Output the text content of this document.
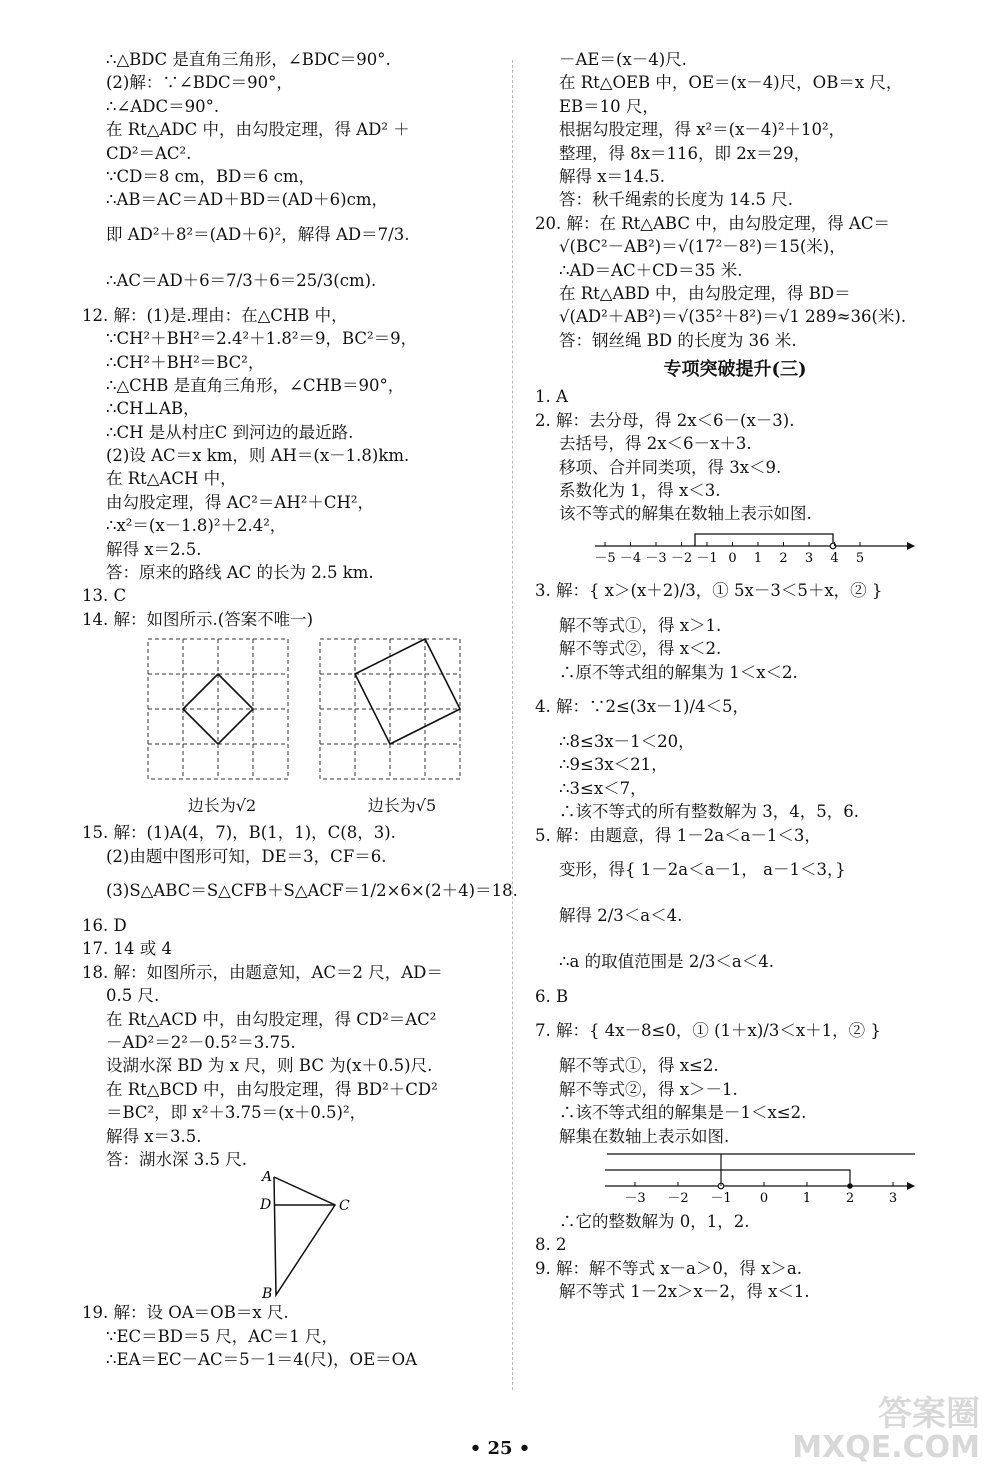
∴△BDC 是直角三角形，∠BDC＝90°.
(2)解：∵∠BDC＝90°，
∴∠ADC＝90°.
在 Rt△ADC 中，由勾股定理，得 AD² ＋
CD²＝AC².
∵CD＝8 cm，BD＝6 cm，
∴AB＝AC＝AD＋BD＝(AD＋6)cm，
即 AD²＋8²＝(AD＋6)²，解得 AD＝7/3.
∴AC＝AD＋6＝7/3＋6＝25/3(cm).
12. 解：(1)是.理由：在△CHB 中，
∵CH²＋BH²＝2.4²＋1.8²＝9，BC²＝9，
∴CH²＋BH²＝BC²，
∴△CHB 是直角三角形，∠CHB＝90°，
∴CH⊥AB，
∴CH 是从村庄C 到河边的最近路.
(2)设 AC＝x km，则 AH＝(x－1.8)km.
在 Rt△ACH 中，
由勾股定理，得 AC²＝AH²＋CH²，
∴x²＝(x－1.8)²＋2.4²，
解得 x＝2.5.
答：原来的路线 AC 的长为 2.5 km.
13. C
14. 解：如图所示.(答案不唯一)
边长为√2	边长为√5
15. 解：(1)A(4，7)，B(1，1)，C(8，3).
(2)由题中图形可知，DE＝3，CF＝6.
(3)S△ABC＝S△CFB＋S△ACF＝1/2×6×(2＋4)＝18.
16. D
17. 14 或 4
18. 解：如图所示，由题意知，AC＝2 尺，AD＝
0.5 尺.
在 Rt△ACD 中，由勾股定理，得 CD²＝AC²
－AD²＝2²－0.5²＝3.75.
设湖水深 BD 为 x 尺，则 BC 为(x＋0.5)尺.
在 Rt△BCD 中，由勾股定理，得 BD²＋CD²
＝BC²，即 x²＋3.75＝(x＋0.5)²，
解得 x＝3.5.
答：湖水深 3.5 尺.
A
D	C
B
19. 解：设 OA＝OB＝x 尺.
∵EC＝BD＝5 尺，AC＝1 尺，
∴EA＝EC－AC＝5－1＝4(尺)，OE＝OA
－AE＝(x－4)尺.
在 Rt△OEB 中，OE＝(x－4)尺，OB＝x 尺，
EB＝10 尺，
根据勾股定理，得 x²＝(x－4)²＋10²，
整理，得 8x＝116，即 2x＝29，
解得 x＝14.5.
答：秋千绳索的长度为 14.5 尺.
20. 解：在 Rt△ABC 中，由勾股定理，得 AC＝
√(BC²－AB²)＝√(17²－8²)＝15(米)，
∴AD＝AC＋CD＝35 米.
在 Rt△ABD 中，由勾股定理，得 BD＝
√(AD²＋AB²)＝√(35²＋8²)＝√1 289≈36(米).
答：钢丝绳 BD 的长度为 36 米.
专项突破提升(三)
1. A
2. 解：去分母，得 2x＜6－(x－3).
去括号，得 2x＜6－x＋3.
移项、合并同类项，得 3x＜9.
系数化为 1，得 x＜3.
该不等式的解集在数轴上表示如图.
－5 －4 －3 －2 －1 0 1 2 3 4 5
3. 解：{ x＞(x＋2)/3，① 5x－3＜5＋x，② }
解不等式①，得 x＞1.
解不等式②，得 x＜2.
∴原不等式组的解集为 1＜x＜2.
4. 解：∵2≤(3x－1)/4＜5，
∴8≤3x－1＜20，
∴9≤3x＜21，
∴3≤x＜7，
∴该不等式的所有整数解为 3，4，5，6.
5. 解：由题意，得 1－2a＜a－1＜3，
变形，得{ 1－2a＜a－1， a－1＜3，}
解得 2/3＜a＜4.
∴a 的取值范围是 2/3＜a＜4.
6. B
7. 解：{ 4x－8≤0，① (1＋x)/3＜x＋1，② }
解不等式①，得 x≤2.
解不等式②，得 x＞－1.
∴该不等式组的解集是－1＜x≤2.
解集在数轴上表示如图.
－3 －2 －1 0	1	2	3
∴它的整数解为 0，1，2.
8. 2
9. 解：解不等式 x－a＞0，得 x＞a.
解不等式 1－2x＞x－2，得 x＜1.
• 25 •
答案圈
MXQE.COM
